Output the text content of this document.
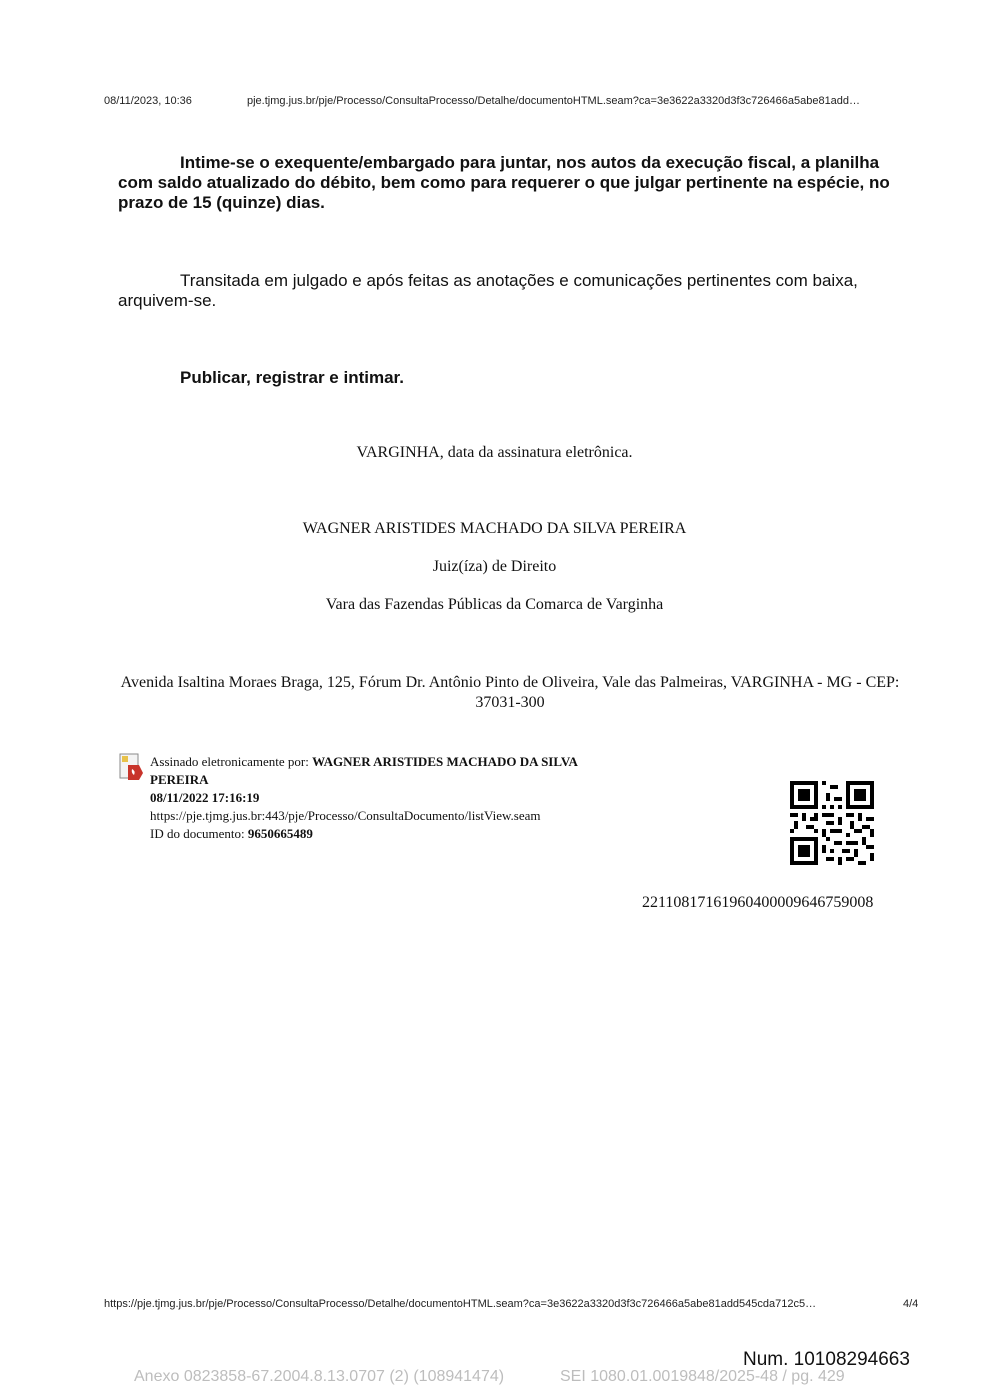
08/11/2023, 10:36	pje.tjmg.jus.br/pje/Processo/ConsultaProcesso/Detalhe/documentoHTML.seam?ca=3e3622a3320d3f3c726466a5abe81add…
Intime-se o exequente/embargado para juntar, nos autos da execução fiscal, a planilha com saldo atualizado do débito, bem como para requerer o que julgar pertinente na espécie, no prazo de 15 (quinze) dias.
Transitada em julgado e após feitas as anotações e comunicações pertinentes com baixa, arquivem-se.
Publicar, registrar e intimar.
VARGINHA, data da assinatura eletrônica.
WAGNER ARISTIDES MACHADO DA SILVA PEREIRA
Juiz(íza) de Direito
Vara das Fazendas Públicas da Comarca de Varginha
Avenida Isaltina Moraes Braga, 125, Fórum Dr. Antônio Pinto de Oliveira, Vale das Palmeiras, VARGINHA - MG - CEP: 37031-300
Assinado eletronicamente por: WAGNER ARISTIDES MACHADO DA SILVA PEREIRA
08/11/2022 17:16:19
https://pje.tjmg.jus.br:443/pje/Processo/ConsultaDocumento/listView.seam
ID do documento: 9650665489
22110817161960400009646759008
https://pje.tjmg.jus.br/pje/Processo/ConsultaProcesso/Detalhe/documentoHTML.seam?ca=3e3622a3320d3f3c726466a5abe81add545cda712c5…	4/4
Num. 10108294663
Anexo 0823858-67.2004.8.13.0707 (2) (108941474)	SEI 1080.01.0019848/2025-48 / pg. 429
